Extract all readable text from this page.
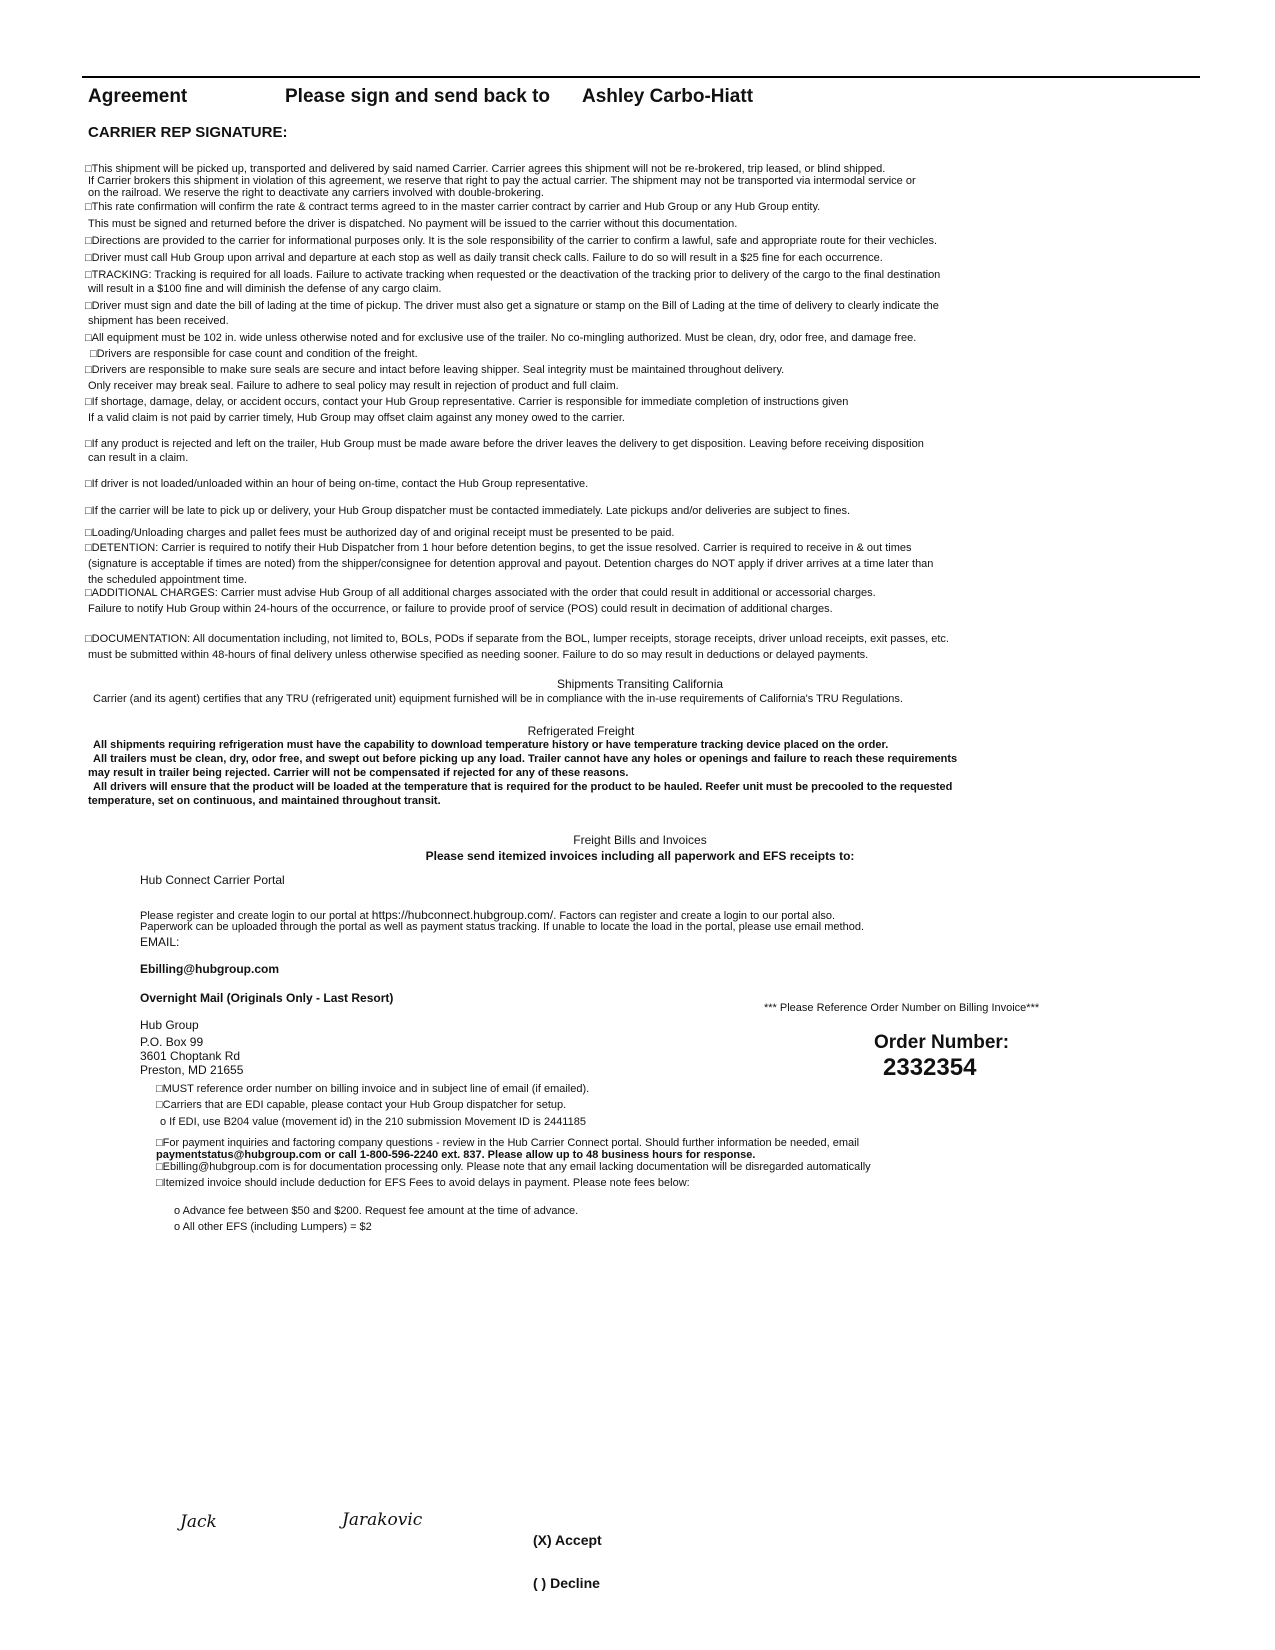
Agreement	Please sign and send back to Ashley Carbo-Hiatt
CARRIER REP SIGNATURE:
□This shipment will be picked up, transported and delivered by said named Carrier. Carrier agrees this shipment will not be re-brokered, trip leased, or blind shipped.
If Carrier brokers this shipment in violation of this agreement, we reserve that right to pay the actual carrier. The shipment may not be transported via intermodal service or
on the railroad. We reserve the right to deactivate any carriers involved with double-brokering.
□This rate confirmation will confirm the rate & contract terms agreed to in the master carrier contract by carrier and Hub Group or any Hub Group entity.
This must be signed and returned before the driver is dispatched. No payment will be issued to the carrier without this documentation.
□Directions are provided to the carrier for informational purposes only. It is the sole responsibility of the carrier to confirm a lawful, safe and appropriate route for their vechicles.
□Driver must call Hub Group upon arrival and departure at each stop as well as daily transit check calls. Failure to do so will result in a $25 fine for each occurrence.
□TRACKING: Tracking is required for all loads. Failure to activate tracking when requested or the deactivation of the tracking prior to delivery of the cargo to the final destination
will result in a $100 fine and will diminish the defense of any cargo claim.
□Driver must sign and date the bill of lading at the time of pickup. The driver must also get a signature or stamp on the Bill of Lading at the time of delivery to clearly indicate the
shipment has been received.
□All equipment must be 102 in. wide unless otherwise noted and for exclusive use of the trailer. No co-mingling authorized. Must be clean, dry, odor free, and damage free.
□Drivers are responsible for case count and condition of the freight.
□Drivers are responsible to make sure seals are secure and intact before leaving shipper. Seal integrity must be maintained throughout delivery.
Only receiver may break seal. Failure to adhere to seal policy may result in rejection of product and full claim.
□If shortage, damage, delay, or accident occurs, contact your Hub Group representative. Carrier is responsible for immediate completion of instructions given
If a valid claim is not paid by carrier timely, Hub Group may offset claim against any money owed to the carrier.
□If any product is rejected and left on the trailer, Hub Group must be made aware before the driver leaves the delivery to get disposition. Leaving before receiving disposition
can result in a claim.
□If driver is not loaded/unloaded within an hour of being on-time, contact the Hub Group representative.
□If the carrier will be late to pick up or delivery, your Hub Group dispatcher must be contacted immediately. Late pickups and/or deliveries are subject to fines.
□Loading/Unloading charges and pallet fees must be authorized day of and original receipt must be presented to be paid.
□DETENTION: Carrier is required to notify their Hub Dispatcher from 1 hour before detention begins, to get the issue resolved. Carrier is required to receive in & out times
(signature is acceptable if times are noted) from the shipper/consignee for detention approval and payout. Detention charges do NOT apply if driver arrives at a time later than
the scheduled appointment time.
□ADDITIONAL CHARGES: Carrier must advise Hub Group of all additional charges associated with the order that could result in additional or accessorial charges.
Failure to notify Hub Group within 24-hours of the occurrence, or failure to provide proof of service (POS) could result in decimation of additional charges.
□DOCUMENTATION: All documentation including, not limited to, BOLs, PODs if separate from the BOL, lumper receipts, storage receipts, driver unload receipts, exit passes, etc.
must be submitted within 48-hours of final delivery unless otherwise specified as needing sooner. Failure to do so may result in deductions or delayed payments.
Shipments Transiting California
Carrier (and its agent) certifies that any TRU (refrigerated unit) equipment furnished will be in compliance with the in-use requirements of California's TRU Regulations.
Refrigerated Freight
All shipments requiring refrigeration must have the capability to download temperature history or have temperature tracking device placed on the order.
All trailers must be clean, dry, odor free, and swept out before picking up any load. Trailer cannot have any holes or openings and failure to reach these requirements
may result in trailer being rejected. Carrier will not be compensated if rejected for any of these reasons.
All drivers will ensure that the product will be loaded at the temperature that is required for the product to be hauled. Reefer unit must be precooled to the requested
temperature, set on continuous, and maintained throughout transit.
Freight Bills and Invoices
Please send itemized invoices including all paperwork and EFS receipts to:
Hub Connect Carrier Portal
Please register and create login to our portal at https://hubconnect.hubgroup.com/. Factors can register and create a login to our portal also.
Paperwork can be uploaded through the portal as well as payment status tracking. If unable to locate the load in the portal, please use email method.
EMAIL:
Ebilling@hubgroup.com
Overnight Mail (Originals Only - Last Resort)
Hub Group
P.O. Box 99
3601 Choptank Rd
Preston, MD 21655
*** Please Reference Order Number on Billing Invoice***
Order Number:
2332354
□MUST reference order number on billing invoice and in subject line of email (if emailed).
□Carriers that are EDI capable, please contact your Hub Group dispatcher for setup.
o If EDI, use B204 value (movement id) in the 210 submission Movement ID is 2441185
□For payment inquiries and factoring company questions - review in the Hub Carrier Connect portal. Should further information be needed, email
paymentstatus@hubgroup.com or call 1-800-596-2240 ext. 837. Please allow up to 48 business hours for response.
□Ebilling@hubgroup.com is for documentation processing only. Please note that any email lacking documentation will be disregarded automatically
□Itemized invoice should include deduction for EFS Fees to avoid delays in payment. Please note fees below:
o Advance fee between $50 and $200. Request fee amount at the time of advance.
o All other EFS (including Lumpers) = $2
Jack	Jarakovic
(X) Accept
( ) Decline
